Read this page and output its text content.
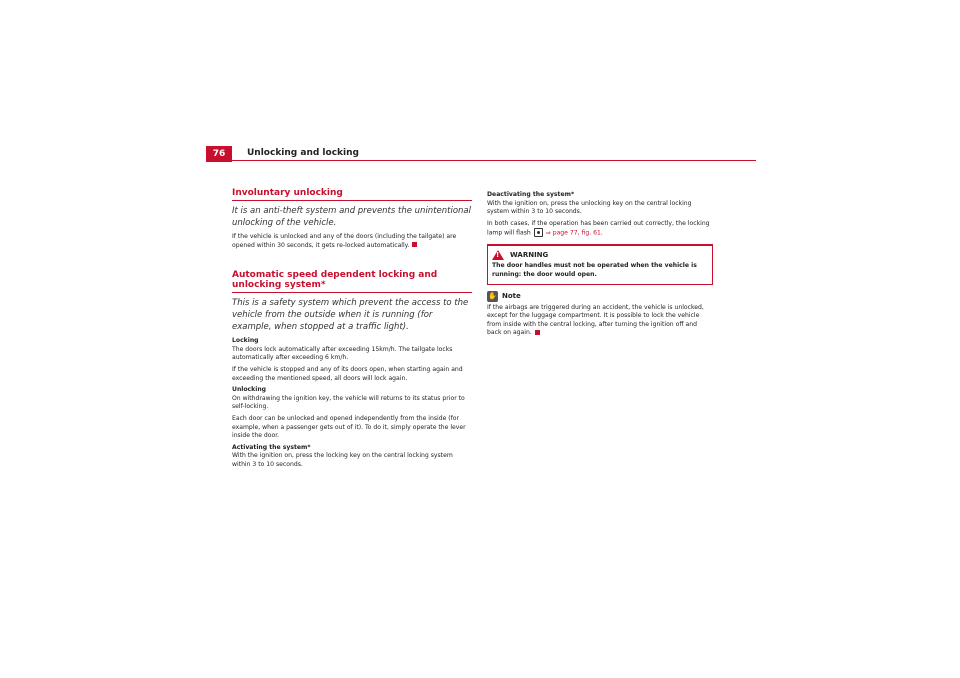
76	Unlocking and locking
Involuntary unlocking
It is an anti-theft system and prevents the unintentional unlocking of the vehicle.

If the vehicle is unlocked and any of the doors (including the tailgate) are opened within 30 seconds, it gets re-locked automatically.

Automatic speed dependent locking and unlocking system*
This is a safety system which prevent the access to the vehicle from the outside when it is running (for example, when stopped at a traffic light).

Locking

The doors lock automatically after exceeding 15km/h. The tailgate locks automatically after exceeding 6 km/h.

If the vehicle is stopped and any of its doors open, when starting again and exceeding the mentioned speed, all doors will lock again.

Unlocking

On withdrawing the ignition key, the vehicle will returns to its status prior to self-locking.

Each door can be unlocked and opened independently from the inside (for example, when a passenger gets out of it). To do it, simply operate the lever inside the door.

Activating the system*

With the ignition on, press the locking key on the central locking system within 3 to 10 seconds.

Deactivating the system*

With the ignition on, press the unlocking key on the central locking system within 3 to 10 seconds.

In both cases, if the operation has been carried out correctly, the locking lamp will flash ⇒ page 77, fig. 61.

!
WARNING
The door handles must not be operated when the vehicle is running: the door would open.
✋ Note

If the airbags are triggered during an accident, the vehicle is unlocked, except for the luggage compartment. It is possible to lock the vehicle from inside with the central locking, after turning the ignition off and back on again.
